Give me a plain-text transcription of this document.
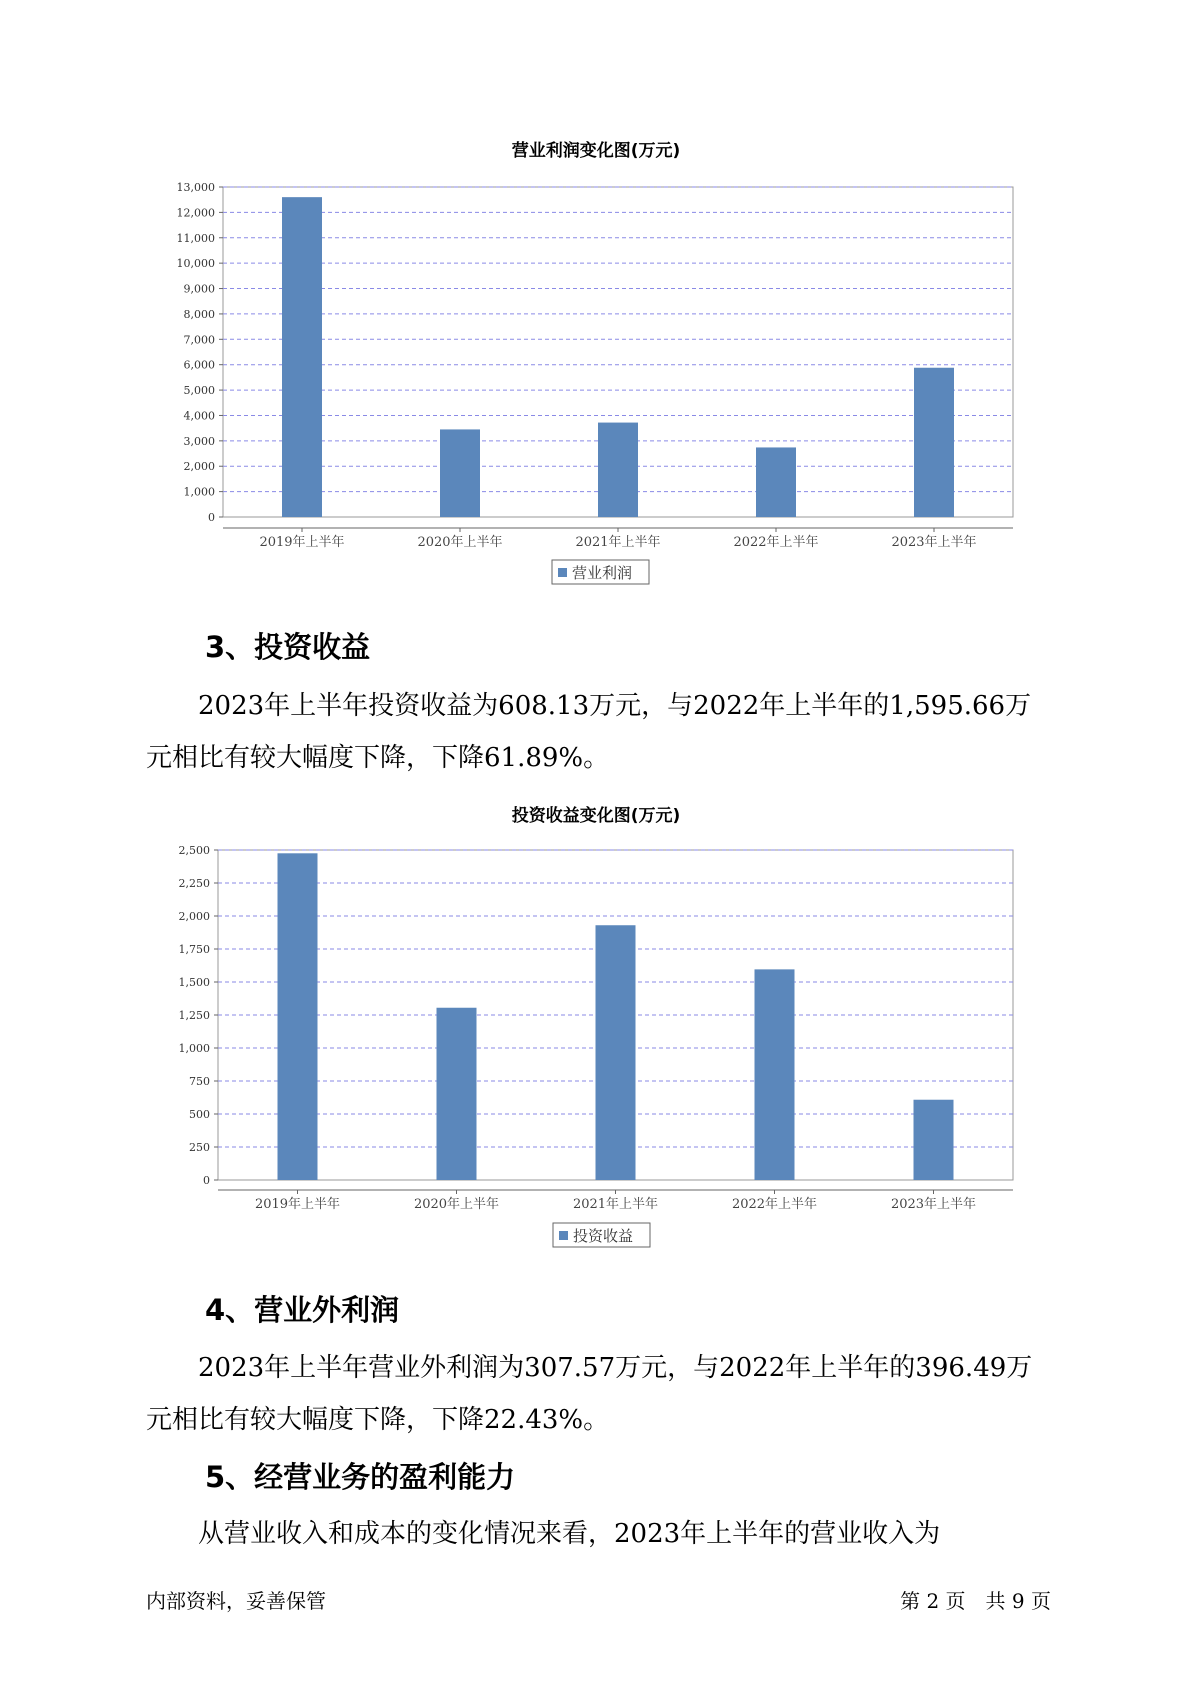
营业利润变化图(万元)
0
1,000
2,000
3,000
4,000
5,000
6,000
7,000
8,000
9,000
10,000
11,000
12,000
13,000
2019年上半年	2020年上半年	2021年上半年	2022年上半年	2023年上半年
营业利润
3、投资收益
2023年上半年投资收益为608.13万元，与2022年上半年的1,595.66万
元相比有较大幅度下降，下降61.89%。
投资收益变化图(万元)
0
250
500
750
1,000
1,250
1,500
1,750
2,000
2,250
2,500
2019年上半年	2020年上半年	2021年上半年	2022年上半年	2023年上半年
投资收益
4、营业外利润
2023年上半年营业外利润为307.57万元，与2022年上半年的396.49万
元相比有较大幅度下降，下降22.43%。
5、经营业务的盈利能力
从营业收入和成本的变化情况来看，2023年上半年的营业收入为
内部资料，妥善保管	第 2 页　共 9 页
